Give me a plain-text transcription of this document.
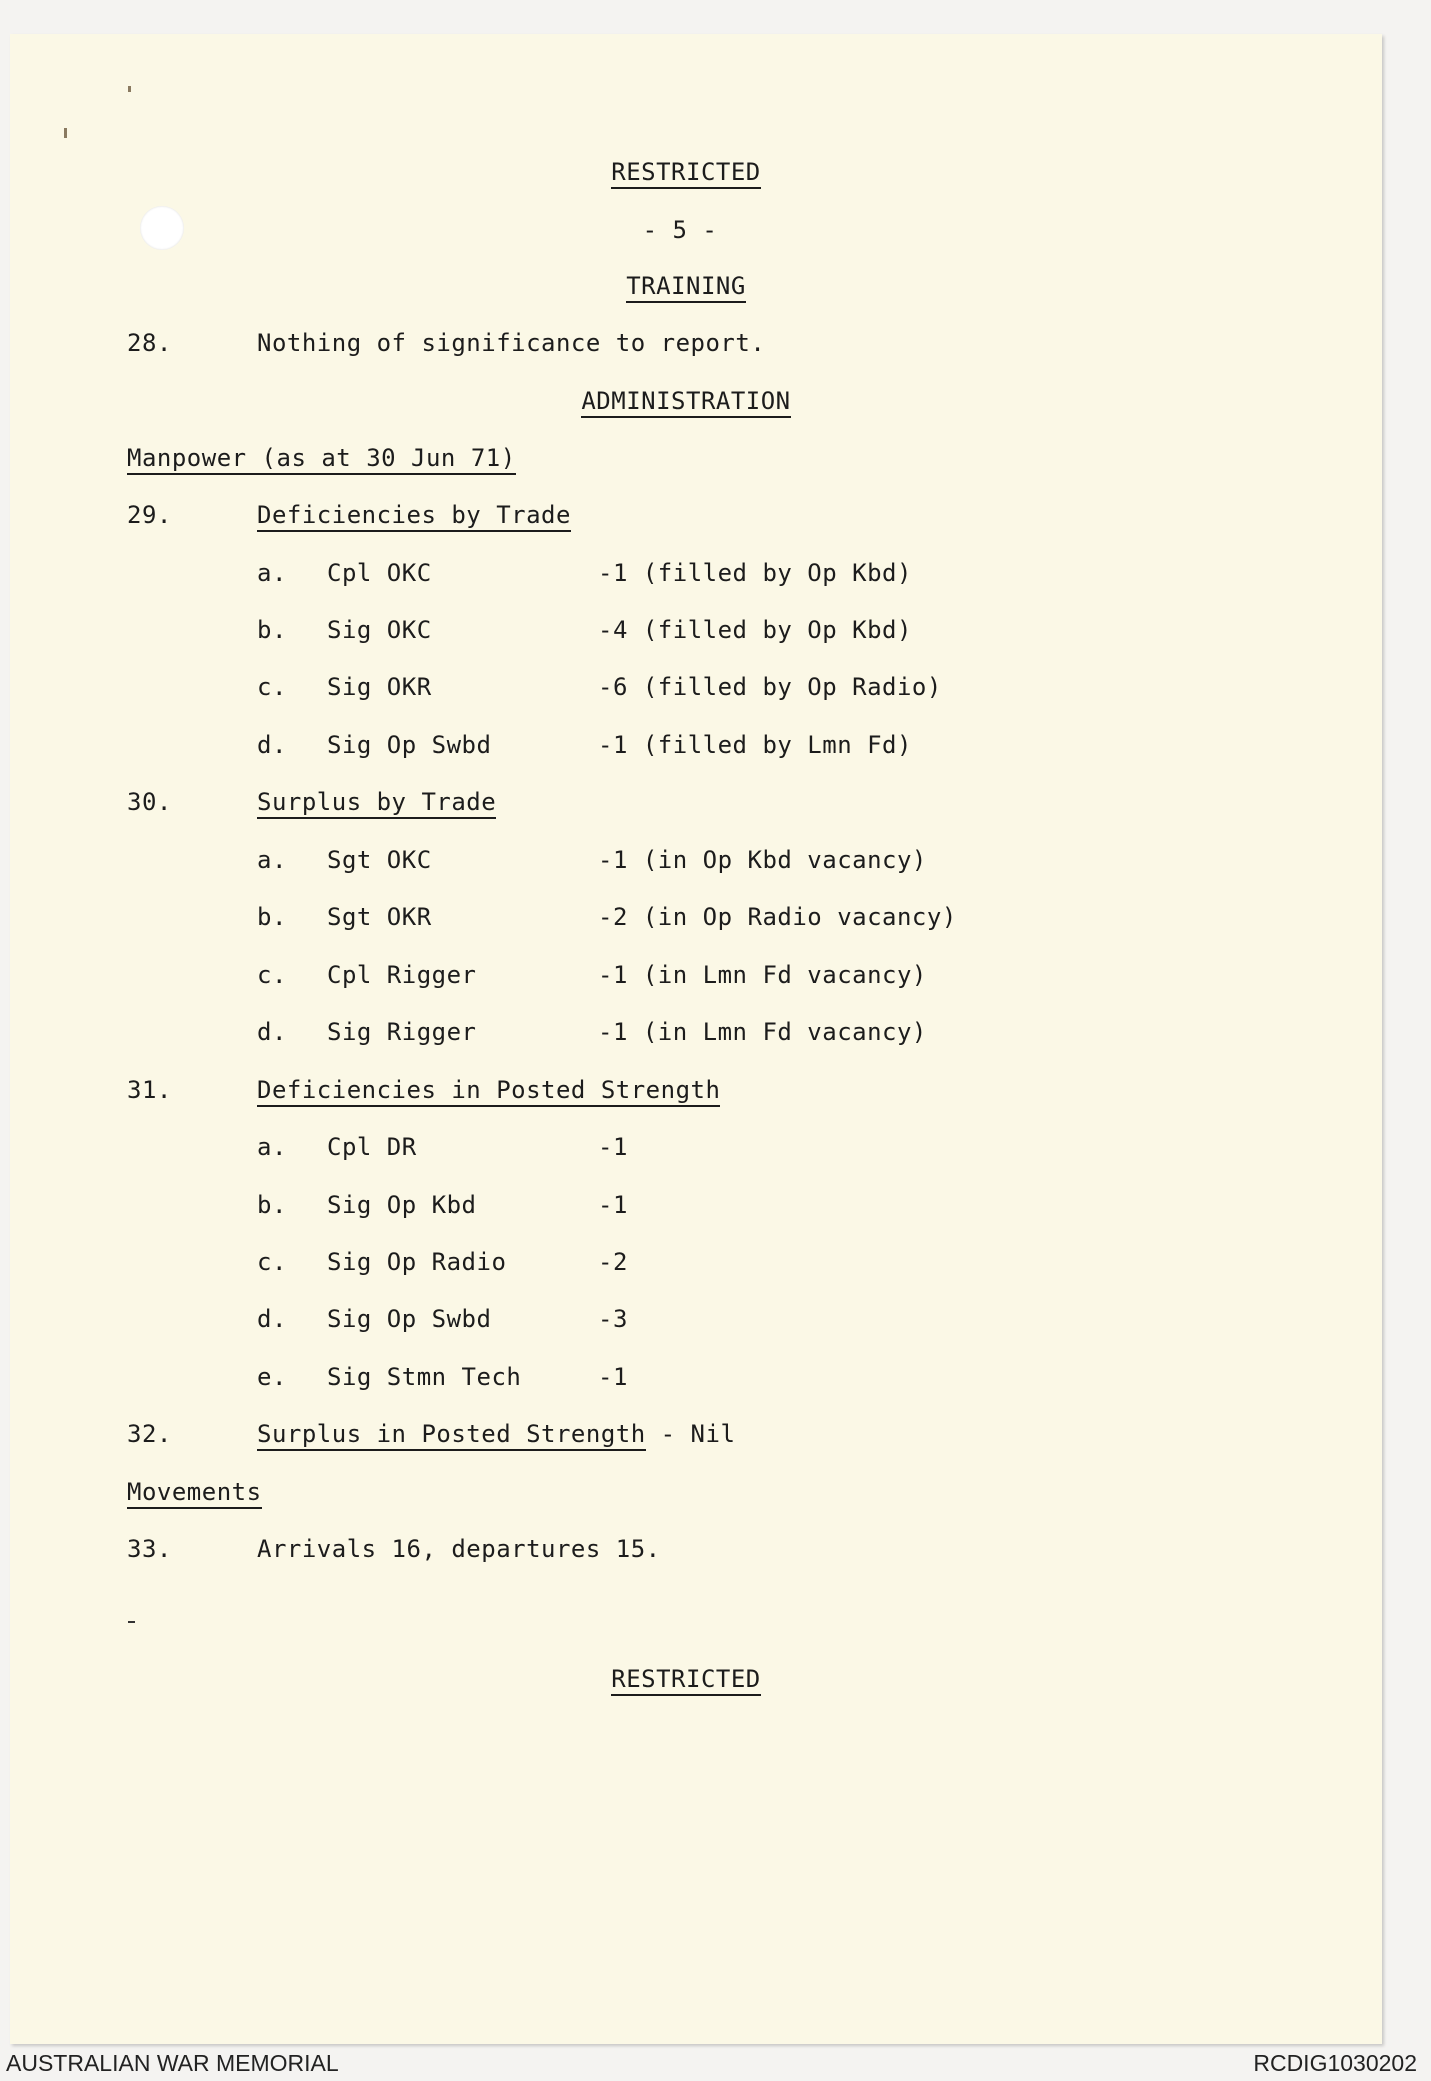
RESTRICTED
- 5 -
TRAINING
28.	Nothing of significance to report.
ADMINISTRATION
Manpower (as at 30 Jun 71)
29.	Deficiencies by Trade
a. Cpl OKC	-1 (filled by Op Kbd)
b. Sig OKC	-4 (filled by Op Kbd)
c. Sig OKR	-6 (filled by Op Radio)
d. Sig Op Swbd	-1 (filled by Lmn Fd)
30.	Surplus by Trade
a. Sgt OKC	-1 (in Op Kbd vacancy)
b. Sgt OKR	-2 (in Op Radio vacancy)
c. Cpl Rigger	-1 (in Lmn Fd vacancy)
d. Sig Rigger	-1 (in Lmn Fd vacancy)
31.	Deficiencies in Posted Strength
a. Cpl DR	-1
b. Sig Op Kbd	-1
c. Sig Op Radio	-2
d. Sig Op Swbd	-3
e. Sig Stmn Tech	-1
32.	Surplus in Posted Strength - Nil
Movements
33.	Arrivals 16, departures 15.
RESTRICTED
AUSTRALIAN WAR MEMORIAL	RCDIG1030202
